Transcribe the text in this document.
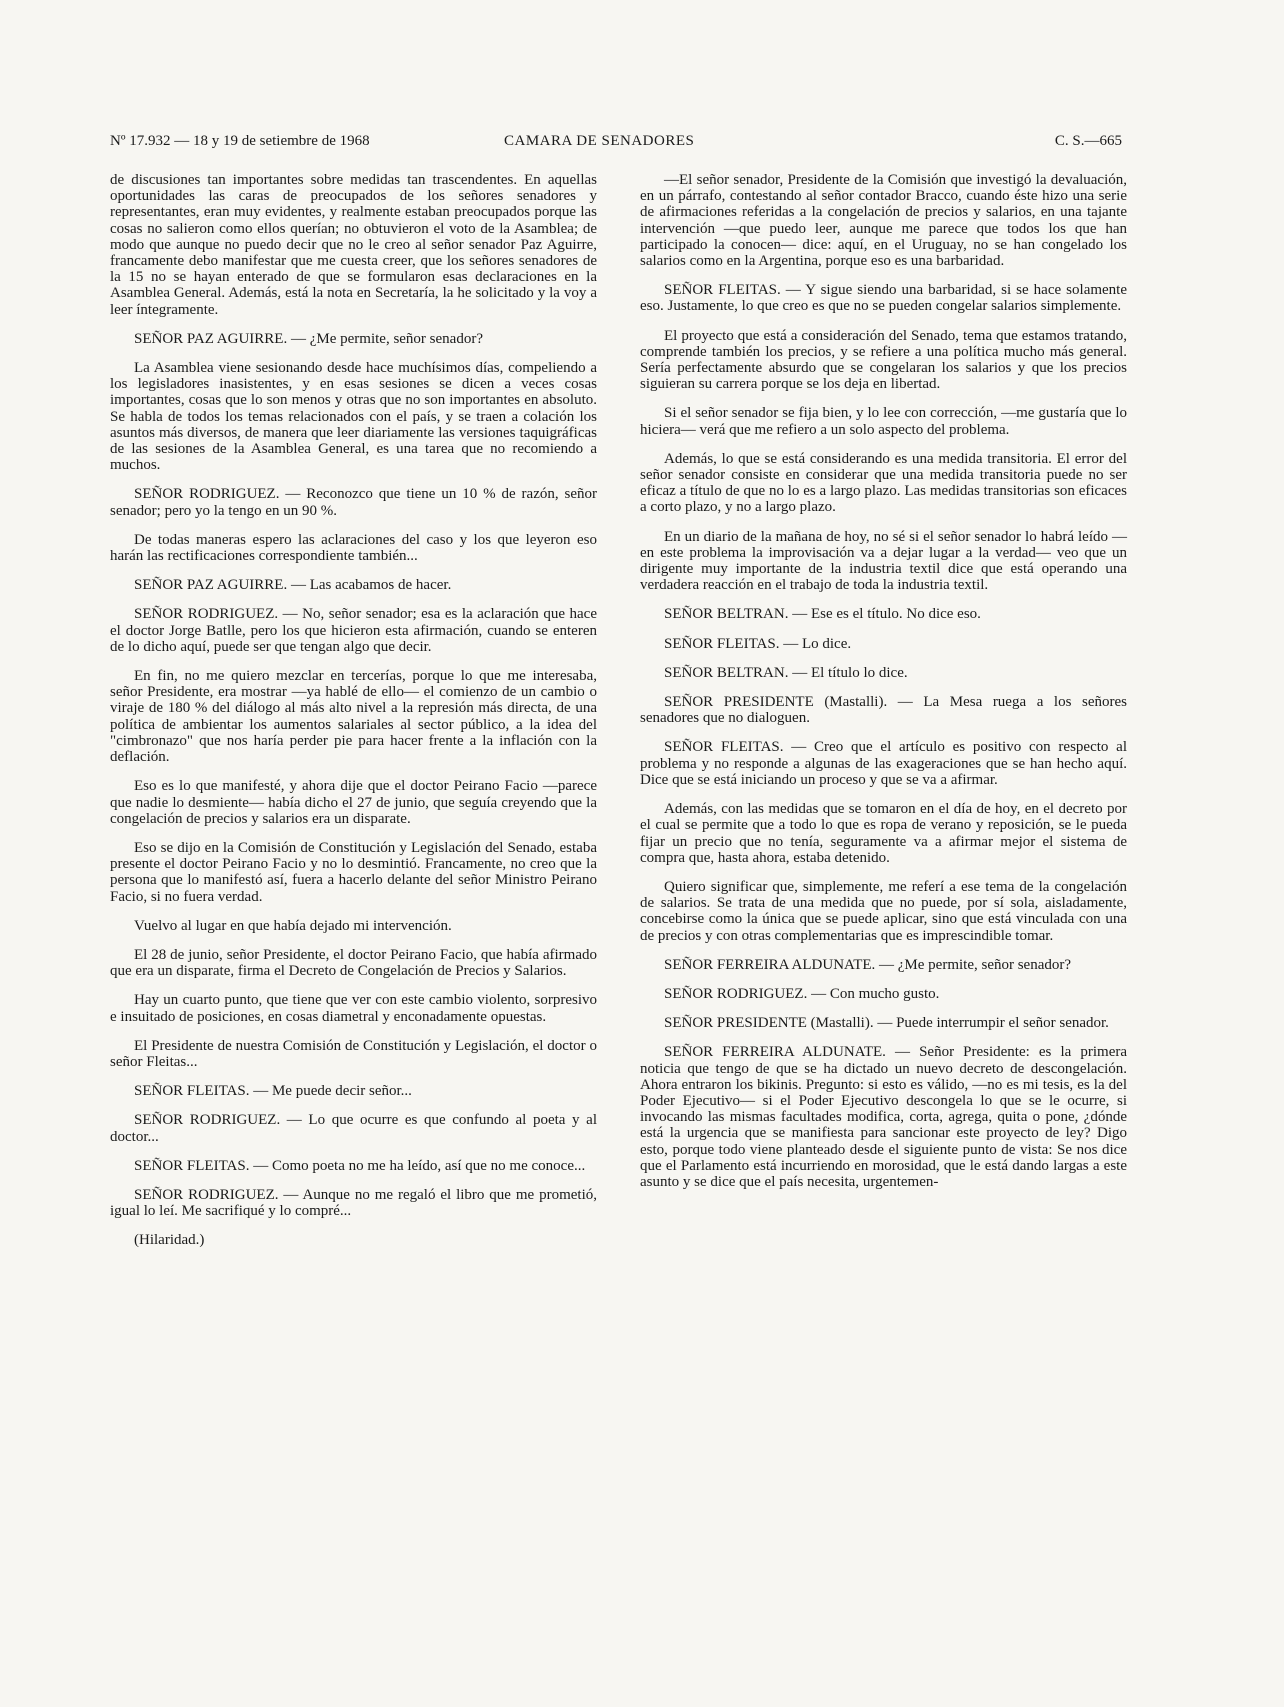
Nº 17.932 — 18 y 19 de setiembre de 1968	CAMARA DE SENADORES	C. S.—665

de discusiones tan importantes sobre medidas tan trascendentes. En aquellas oportunidades las caras de preocupados de los señores senadores y representantes, eran muy evidentes, y realmente estaban preocupados porque las cosas no salieron como ellos querían; no obtuvieron el voto de la Asamblea; de modo que aunque no puedo decir que no le creo al señor senador Paz Aguirre, francamente debo manifestar que me cuesta creer, que los señores senadores de la 15 no se hayan enterado de que se formularon esas declaraciones en la Asamblea General. Además, está la nota en Secretaría, la he solicitado y la voy a leer íntegramente.

SEÑOR PAZ AGUIRRE. — ¿Me permite, señor senador?

La Asamblea viene sesionando desde hace muchísimos días, compeliendo a los legisladores inasistentes, y en esas sesiones se dicen a veces cosas importantes, cosas que lo son menos y otras que no son importantes en absoluto. Se habla de todos los temas relacionados con el país, y se traen a colación los asuntos más diversos, de manera que leer diariamente las versiones taquigráficas de las sesiones de la Asamblea General, es una tarea que no recomiendo a muchos.

SEÑOR RODRIGUEZ. — Reconozco que tiene un 10 % de razón, señor senador; pero yo la tengo en un 90 %.

De todas maneras espero las aclaraciones del caso y los que leyeron eso harán las rectificaciones correspondiente también...

SEÑOR PAZ AGUIRRE. — Las acabamos de hacer.

SEÑOR RODRIGUEZ. — No, señor senador; esa es la aclaración que hace el doctor Jorge Batlle, pero los que hicieron esta afirmación, cuando se enteren de lo dicho aquí, puede ser que tengan algo que decir.

En fin, no me quiero mezclar en tercerías, porque lo que me interesaba, señor Presidente, era mostrar —ya hablé de ello— el comienzo de un cambio o viraje de 180 % del diálogo al más alto nivel a la represión más directa, de una política de ambientar los aumentos salariales al sector público, a la idea del "cimbronazo" que nos haría perder pie para hacer frente a la inflación con la deflación.

Eso es lo que manifesté, y ahora dije que el doctor Peirano Facio —parece que nadie lo desmiente— había dicho el 27 de junio, que seguía creyendo que la congelación de precios y salarios era un disparate.

Eso se dijo en la Comisión de Constitución y Legislación del Senado, estaba presente el doctor Peirano Facio y no lo desmintió. Francamente, no creo que la persona que lo manifestó así, fuera a hacerlo delante del señor Ministro Peirano Facio, si no fuera verdad.

Vuelvo al lugar en que había dejado mi intervención.

El 28 de junio, señor Presidente, el doctor Peirano Facio, que había afirmado que era un disparate, firma el Decreto de Congelación de Precios y Salarios.

Hay un cuarto punto, que tiene que ver con este cambio violento, sorpresivo e insuitado de posiciones, en cosas diametral y enconadamente opuestas.

El Presidente de nuestra Comisión de Constitución y Legislación, el doctor o señor Fleitas...

SEÑOR FLEITAS. — Me puede decir señor...

SEÑOR RODRIGUEZ. — Lo que ocurre es que confundo al poeta y al doctor...

SEÑOR FLEITAS. — Como poeta no me ha leído, así que no me conoce...

SEÑOR RODRIGUEZ. — Aunque no me regaló el libro que me prometió, igual lo leí. Me sacrifiqué y lo compré...

(Hilaridad.)

—El señor senador, Presidente de la Comisión que investigó la devaluación, en un párrafo, contestando al señor contador Bracco, cuando éste hizo una serie de afirmaciones referidas a la congelación de precios y salarios, en una tajante intervención —que puedo leer, aunque me parece que todos los que han participado la conocen— dice: aquí, en el Uruguay, no se han congelado los salarios como en la Argentina, porque eso es una barbaridad.

SEÑOR FLEITAS. — Y sigue siendo una barbaridad, si se hace solamente eso. Justamente, lo que creo es que no se pueden congelar salarios simplemente.

El proyecto que está a consideración del Senado, tema que estamos tratando, comprende también los precios, y se refiere a una política mucho más general. Sería perfectamente absurdo que se congelaran los salarios y que los precios siguieran su carrera porque se los deja en libertad.

Si el señor senador se fija bien, y lo lee con corrección, —me gustaría que lo hiciera— verá que me refiero a un solo aspecto del problema.

Además, lo que se está considerando es una medida transitoria. El error del señor senador consiste en considerar que una medida transitoria puede no ser eficaz a título de que no lo es a largo plazo. Las medidas transitorias son eficaces a corto plazo, y no a largo plazo.

En un diario de la mañana de hoy, no sé si el señor senador lo habrá leído —en este problema la improvisación va a dejar lugar a la verdad— veo que un dirigente muy importante de la industria textil dice que está operando una verdadera reacción en el trabajo de toda la industria textil.

SEÑOR BELTRAN. — Ese es el título. No dice eso.

SEÑOR FLEITAS. — Lo dice.

SEÑOR BELTRAN. — El título lo dice.

SEÑOR PRESIDENTE (Mastalli). — La Mesa ruega a los señores senadores que no dialoguen.

SEÑOR FLEITAS. — Creo que el artículo es positivo con respecto al problema y no responde a algunas de las exageraciones que se han hecho aquí. Dice que se está iniciando un proceso y que se va a afirmar.

Además, con las medidas que se tomaron en el día de hoy, en el decreto por el cual se permite que a todo lo que es ropa de verano y reposición, se le pueda fijar un precio que no tenía, seguramente va a afirmar mejor el sistema de compra que, hasta ahora, estaba detenido.

Quiero significar que, simplemente, me referí a ese tema de la congelación de salarios. Se trata de una medida que no puede, por sí sola, aisladamente, concebirse como la única que se puede aplicar, sino que está vinculada con una de precios y con otras complementarias que es imprescindible tomar.

SEÑOR FERREIRA ALDUNATE. — ¿Me permite, señor senador?

SEÑOR RODRIGUEZ. — Con mucho gusto.

SEÑOR PRESIDENTE (Mastalli). — Puede interrumpir el señor senador.

SEÑOR FERREIRA ALDUNATE. — Señor Presidente: es la primera noticia que tengo de que se ha dictado un nuevo decreto de descongelación. Ahora entraron los bikinis. Pregunto: si esto es válido, —no es mi tesis, es la del Poder Ejecutivo— si el Poder Ejecutivo descongela lo que se le ocurre, si invocando las mismas facultades modifica, corta, agrega, quita o pone, ¿dónde está la urgencia que se manifiesta para sancionar este proyecto de ley? Digo esto, porque todo viene planteado desde el siguiente punto de vista: Se nos dice que el Parlamento está incurriendo en morosidad, que le está dando largas a este asunto y se dice que el país necesita, urgentemen-
